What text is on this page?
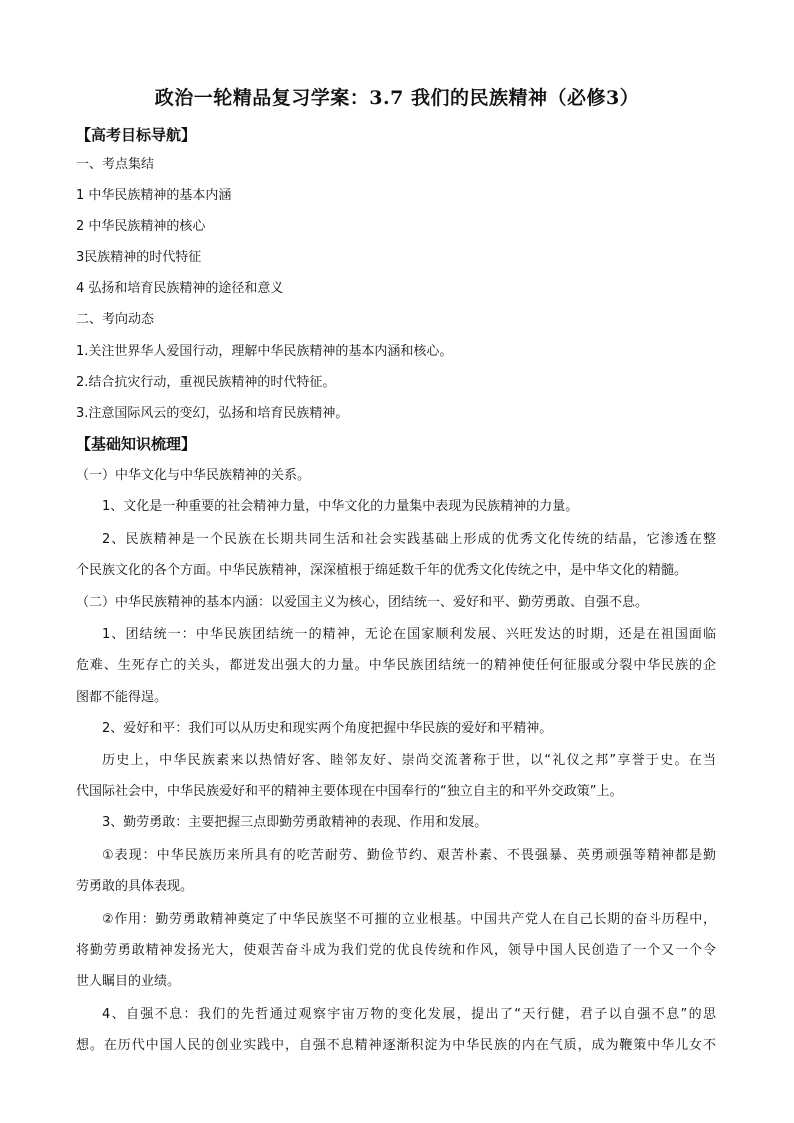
政治一轮精品复习学案：3.7 我们的民族精神（必修3）
【高考目标导航】
一、考点集结
1 中华民族精神的基本内涵
2 中华民族精神的核心
3民族精神的时代特征
4 弘扬和培育民族精神的途径和意义
二、考向动态
1.关注世界华人爱国行动，理解中华民族精神的基本内涵和核心。
2.结合抗灾行动，重视民族精神的时代特征。
3.注意国际风云的变幻，弘扬和培育民族精神。
【基础知识梳理】
（一）中华文化与中华民族精神的关系。
1、文化是一种重要的社会精神力量，中华文化的力量集中表现为民族精神的力量。
2、民族精神是一个民族在长期共同生活和社会实践基础上形成的优秀文化传统的结晶，它渗透在整
个民族文化的各个方面。中华民族精神，深深植根于绵延数千年的优秀文化传统之中，是中华文化的精髓。
（二）中华民族精神的基本内涵：以爱国主义为核心，团结统一、爱好和平、勤劳勇敢、自强不息。
1、团结统一：中华民族团结统一的精神，无论在国家顺利发展、兴旺发达的时期，还是在祖国面临
危难、生死存亡的关头，都迸发出强大的力量。中华民族团结统一的精神使任何征服或分裂中华民族的企
图都不能得逞。
2、爱好和平：我们可以从历史和现实两个角度把握中华民族的爱好和平精神。
历史上，中华民族素来以热情好客、睦邻友好、崇尚交流著称于世，以“礼仪之邦”享誉于史。在当
代国际社会中，中华民族爱好和平的精神主要体现在中国奉行的“独立自主的和平外交政策”上。
3、勤劳勇敢：主要把握三点即勤劳勇敢精神的表现、作用和发展。
①表现：中华民族历来所具有的吃苦耐劳、勤俭节约、艰苦朴素、不畏强暴、英勇顽强等精神都是勤
劳勇敢的具体表现。
②作用：勤劳勇敢精神奠定了中华民族坚不可摧的立业根基。中国共产党人在自己长期的奋斗历程中，
将勤劳勇敢精神发扬光大，使艰苦奋斗成为我们党的优良传统和作风，领导中国人民创造了一个又一个令
世人瞩目的业绩。
4、自强不息：我们的先哲通过观察宇宙万物的变化发展，提出了“天行健，君子以自强不息”的思
想。在历代中国人民的创业实践中，自强不息精神逐渐积淀为中华民族的内在气质，成为鞭策中华儿女不
